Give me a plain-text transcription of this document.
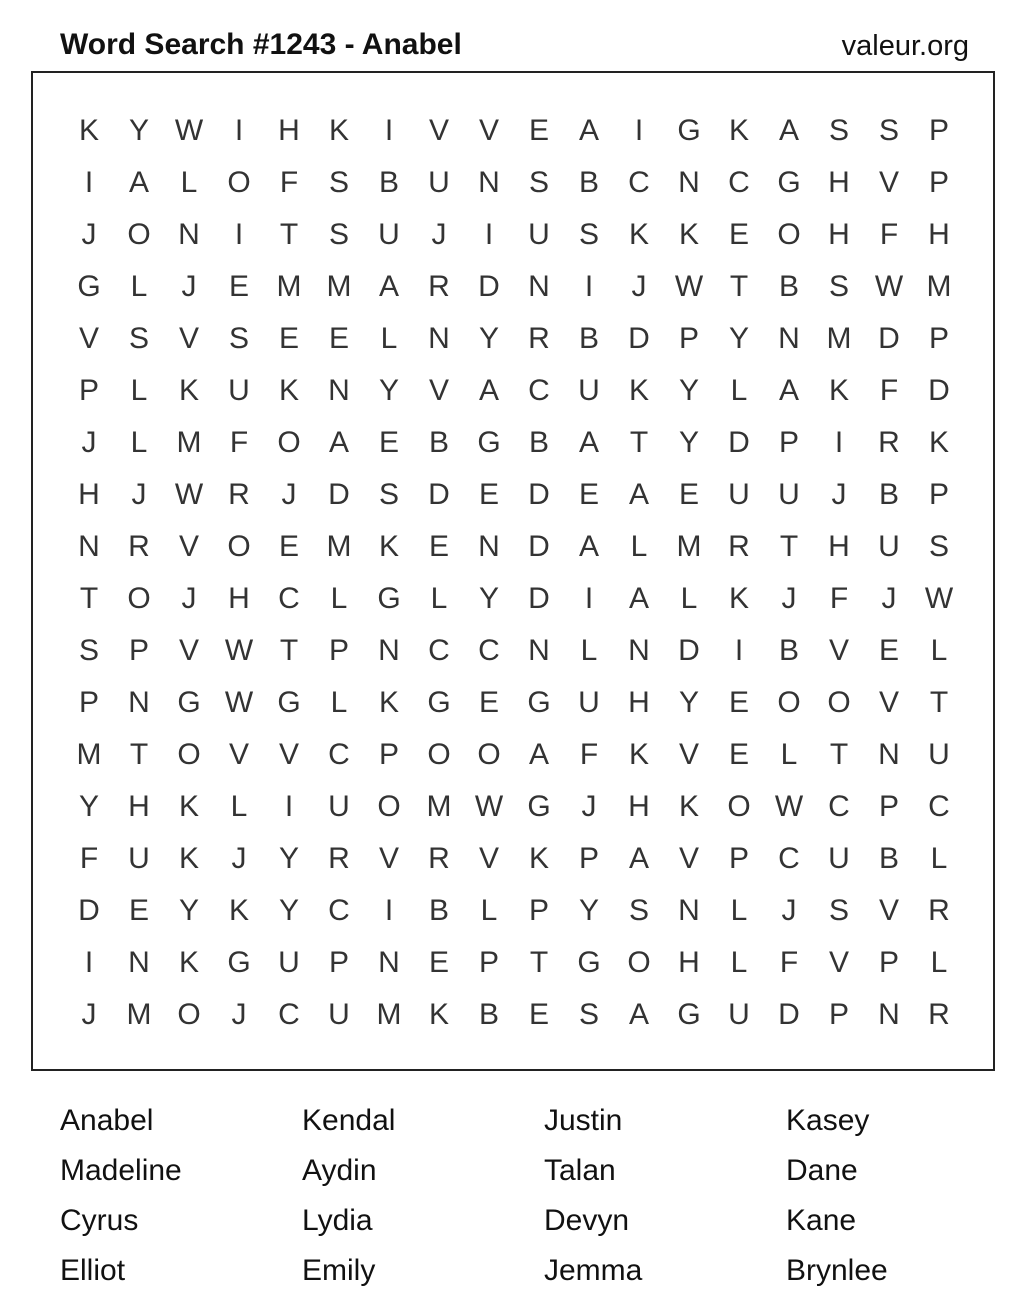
Word Search #1243 - Anabel	valeur.org
K Y W	I	H K	I	V V E A	I	G K A S S P
I	A	L O F	S B U N S B C N C G H V P
J	O N	I	T	S U	J	I	U S K K E O H	F	H
G L	J	E M M A R D N	I	J W T	B S W M
V S V S E E	L	N Y R B D P Y N M D P
P	L	K U K N Y V A C U K Y	L	A K	F	D
J	L M F O A E B G B A	T	Y D P	I	R K
H	J W R	J	D S D E D E A E U U	J	B P
N R V O E M K E N D A	L M R	T	H U S
T O	J	H C	L G L	Y D	I	A	L	K	J	F	J W
S P V W T	P N C C N	L	N D	I	B V E	L
P N G W G L	K G E G U H Y E O O V	T
M T O V V C P O O A	F	K V E	L	T	N U
Y H K	L	I	U O M W G	J	H K O W C P C
F	U K	J	Y R V R V K P A V P C U B	L
D E Y K Y C	I	B	L	P Y S N	L	J	S V R
I	N K G U P N E P	T G O H	L	F	V P	L
J	M O	J	C U M K B E S A G U D P N R
Anabel	Kendal	Justin	Kasey
Madeline	Aydin	Talan	Dane
Cyrus	Lydia	Devyn	Kane
Elliot	Emily	Jemma	Brynlee
